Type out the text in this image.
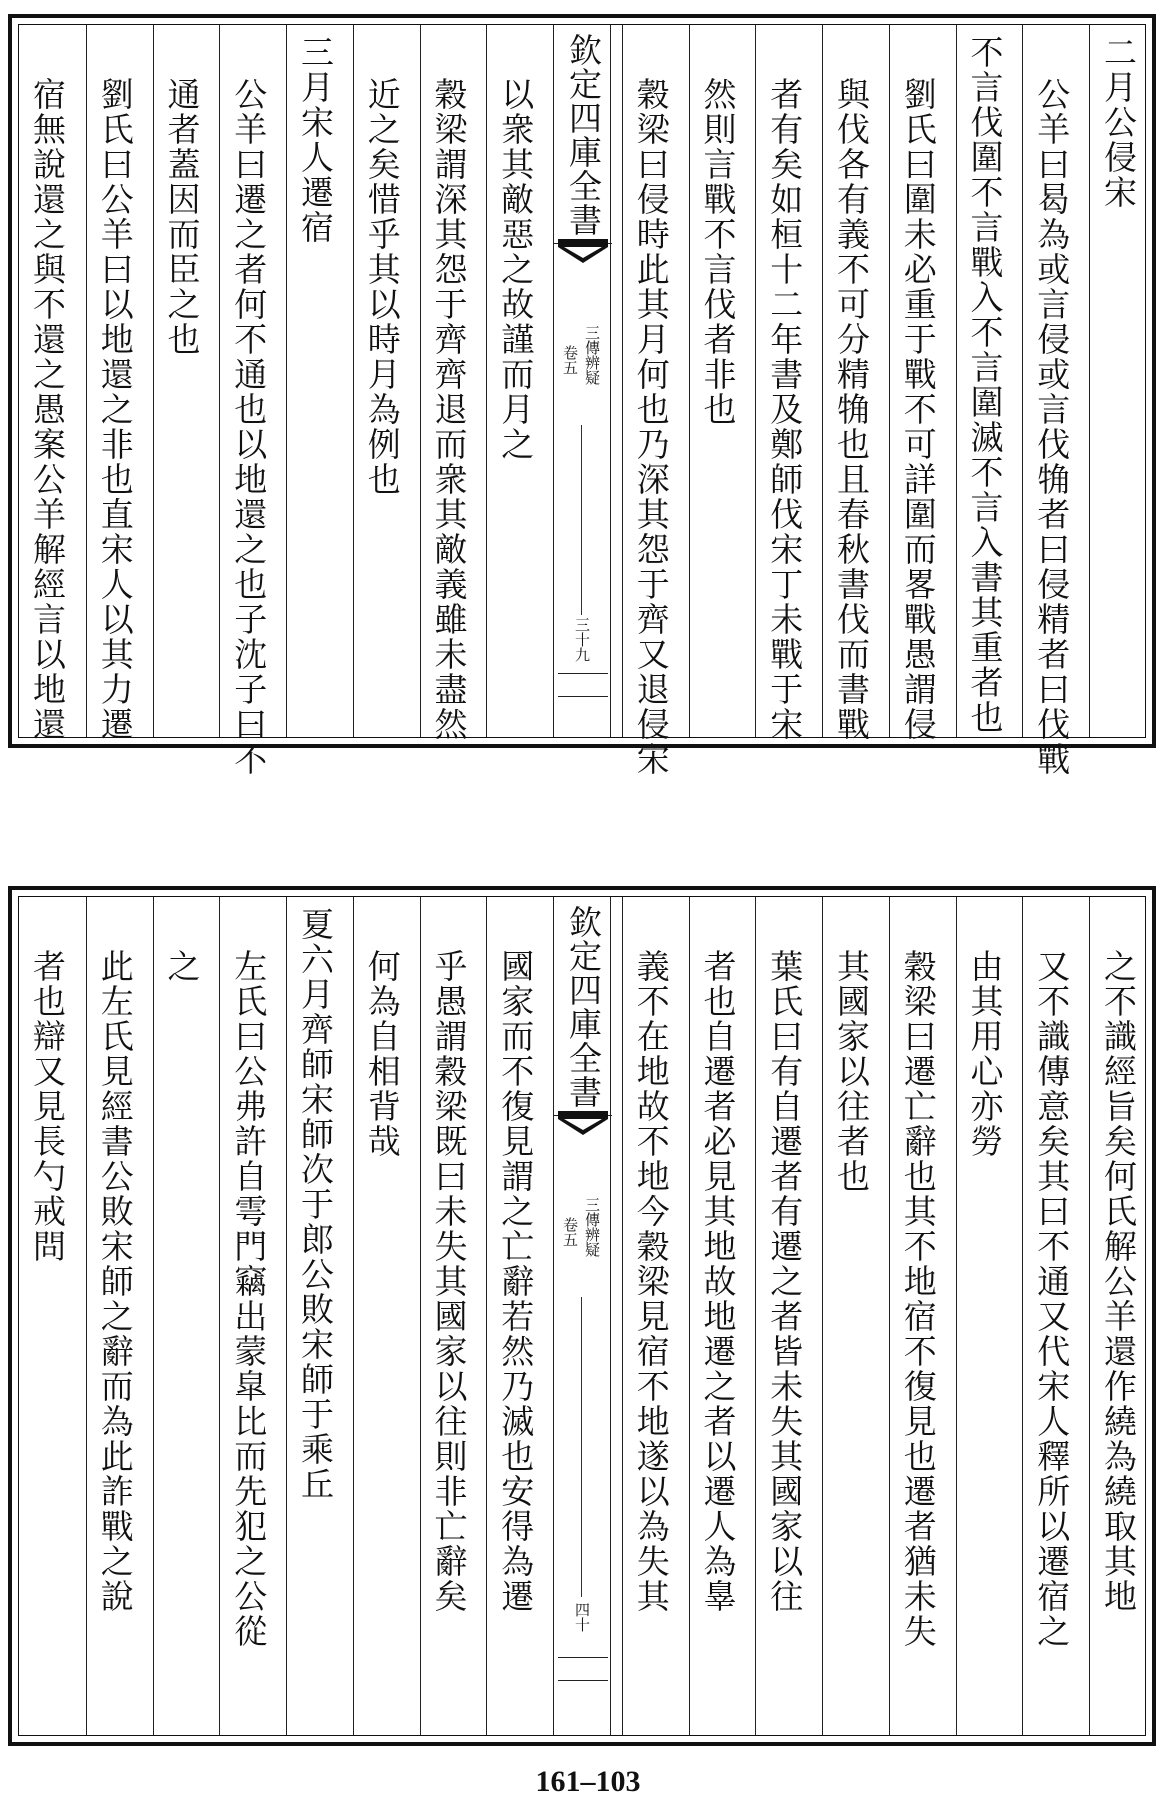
二月公侵宋
公羊曰曷為或言侵或言伐觕者曰侵精者曰伐戰
不言伐圍不言戰入不言圍滅不言入書其重者也
劉氏曰圍未必重于戰不可詳圍而畧戰愚謂侵
與伐各有義不可分精觕也且春秋書伐而書戰
者有矣如桓十二年書及鄭師伐宋丁未戰于宋
然則言戰不言伐者非也
穀梁曰侵時此其月何也乃深其怨于齊又退侵宋
欽定四庫全書
三傳辨疑
卷五
三十九
以衆其敵惡之故謹而月之
穀梁謂深其怨于齊齊退而衆其敵義雖未盡然
近之矣惜乎其以時月為例也
三月宋人遷宿
公羊曰遷之者何不通也以地還之也子沈子曰不
通者蓋因而臣之也
劉氏曰公羊曰以地還之非也直宋人以其力遷
宿無說還之與不還之愚案公羊解經言以地還
之不識經旨矣何氏解公羊還作繞為繞取其地
又不識傳意矣其曰不通又代宋人釋所以遷宿之
由其用心亦勞
穀梁曰遷亡辭也其不地宿不復見也遷者猶未失
其國家以往者也
葉氏曰有自遷者有遷之者皆未失其國家以往
者也自遷者必見其地故地遷之者以遷人為辠
義不在地故不地今穀梁見宿不地遂以為失其
欽定四庫全書
三傳辨疑
卷五
四十
國家而不復見謂之亡辭若然乃滅也安得為遷
乎愚謂穀梁既曰未失其國家以往則非亡辭矣
何為自相背哉
夏六月齊師宋師次于郎公敗宋師于乘丘
左氏曰公弗許自雩門竊出蒙皐比而先犯之公從
之
此左氏見經書公敗宋師之辭而為此詐戰之說
者也辯又見長勺戒問
161–103
